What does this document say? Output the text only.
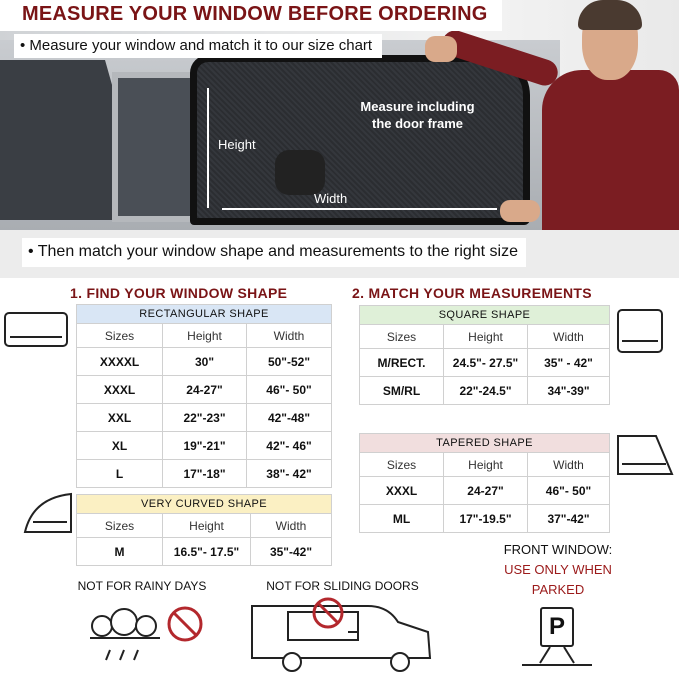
Height
Width
Measure including
the door frame
MEASURE YOUR WINDOW BEFORE ORDERING
• Measure your window and match it to our size chart
• Then match your window shape and measurements to the right size
1. FIND YOUR WINDOW SHAPE	2. MATCH YOUR MEASUREMENTS
RECTANGULAR SHAPE		
Sizes	Height	Width
XXXXL	30"	50"-52"
XXXL	24-27"	46"- 50"
XXL	22"-23"	42"-48"
XL	19"-21"	42"- 46"
L	17"-18"	38"- 42"
VERY CURVED SHAPE		
Sizes	Height	Width
M	16.5"- 17.5"	35"-42"
SQUARE SHAPE		
Sizes	Height	Width
M/RECT.	24.5"- 27.5"	35" - 42"
SM/RL	22"-24.5"	34"-39"
TAPERED SHAPE		
Sizes	Height	Width
XXXL	24-27"	46"- 50"
ML	17"-19.5"	37"-42"
FRONT WINDOW:
USE ONLY WHEN
PARKED
NOT FOR RAINY DAYS	NOT FOR SLIDING DOORS
P
